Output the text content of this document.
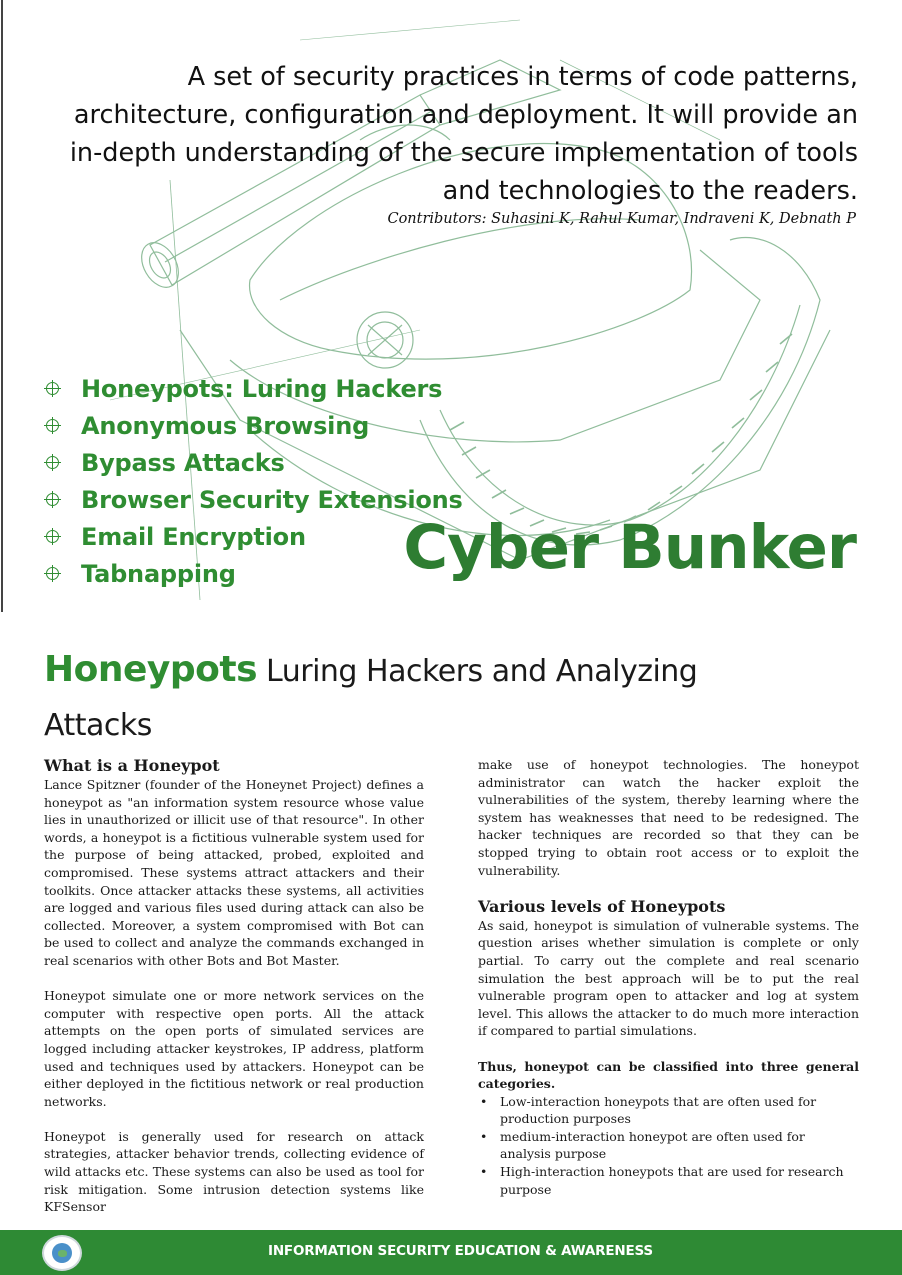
A set of security practices in terms of code patterns,
architecture, configuration and deployment. It will provide an
in-depth understanding of the secure implementation of tools
and technologies to the readers.
Contributors: Suhasini K, Rahul Kumar, Indraveni K, Debnath P
Honeypots: Luring Hackers
Anonymous Browsing
Bypass Attacks
Browser Security Extensions
Email Encryption
Tabnapping	Cyber Bunker
Honeypots Luring Hackers and Analyzing
Attacks
What is a Honeypot

Lance Spitzner (founder of the Honeynet Project) defines a honeypot as "an information system resource whose value lies in unauthorized or illicit use of that resource". In other words, a honeypot is a fictitious vulnerable system used for the purpose of being attacked, probed, exploited and compromised. These systems attract attackers and their toolkits. Once attacker attacks these systems, all activities are logged and various files used during attack can also be collected. Moreover, a system compromised with Bot can be used to collect and analyze the commands exchanged in real scenarios with other Bots and Bot Master.

Honeypot simulate one or more network services on the computer with respective open ports. All the attack attempts on the open ports of simulated services are logged including attacker keystrokes, IP address, platform used and techniques used by attackers. Honeypot can be either deployed in the fictitious network or real production networks.

Honeypot is generally used for research on attack strategies, attacker behavior trends, collecting evidence of wild attacks etc. These systems can also be used as tool for risk mitigation. Some intrusion detection systems like KFSensor

make use of honeypot technologies. The honeypot administrator can watch the hacker exploit the vulnerabilities of the system, thereby learning where the system has weaknesses that need to be redesigned. The hacker techniques are recorded so that they can be stopped trying to obtain root access or to exploit the vulnerability.

Various levels of Honeypots

As said, honeypot is simulation of vulnerable systems. The question arises whether simulation is complete or only partial. To carry out the complete and real scenario simulation the best approach will be to put the real vulnerable program open to attacker and log at system level. This allows the attacker to do much more interaction if compared to partial simulations.

Thus, honeypot can be classified into three general categories.

• Low-interaction honeypots that are often used for production purposes
• medium-interaction honeypot are often used for analysis purpose
• High-interaction honeypots that are used for research purpose
INFORMATION SECURITY EDUCATION & AWARENESS
